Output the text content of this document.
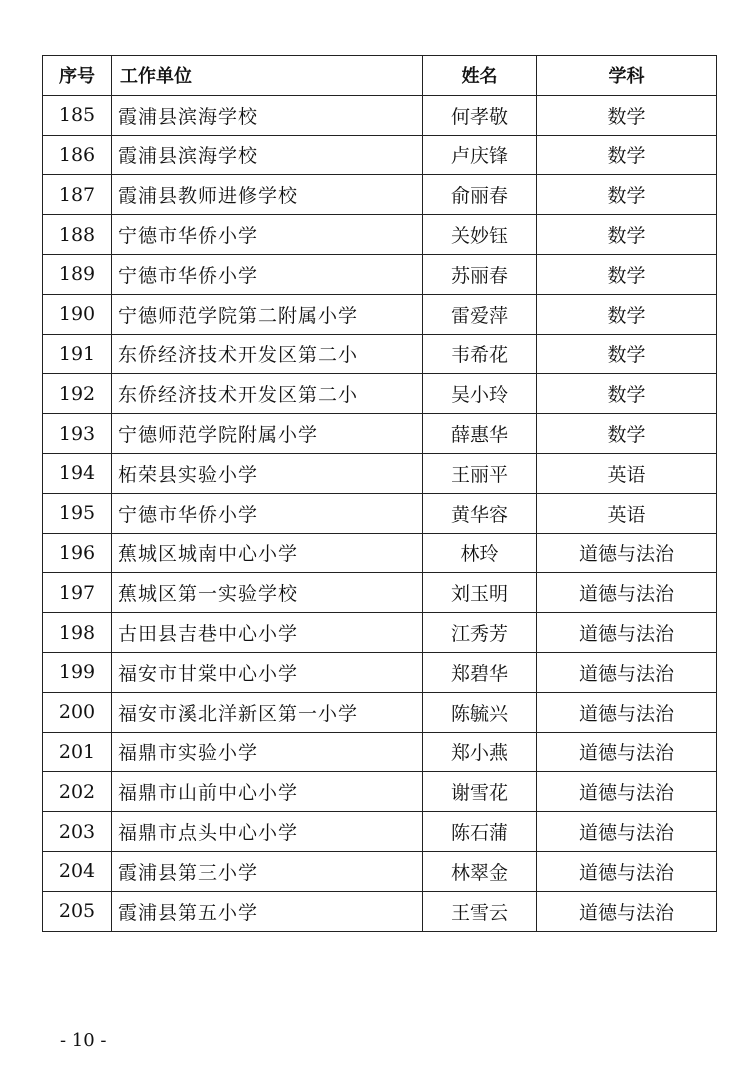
序号	工作单位	姓名	学科
185	霞浦县滨海学校	何孝敬	数学
186	霞浦县滨海学校	卢庆锋	数学
187	霞浦县教师进修学校	俞丽春	数学
188	宁德市华侨小学	关妙钰	数学
189	宁德市华侨小学	苏丽春	数学
190	宁德师范学院第二附属小学	雷爱萍	数学
191	东侨经济技术开发区第二小	韦希花	数学
192	东侨经济技术开发区第二小	吴小玲	数学
193	宁德师范学院附属小学	薛惠华	数学
194	柘荣县实验小学	王丽平	英语
195	宁德市华侨小学	黄华容	英语
196	蕉城区城南中心小学	林玲	道德与法治
197	蕉城区第一实验学校	刘玉明	道德与法治
198	古田县吉巷中心小学	江秀芳	道德与法治
199	福安市甘棠中心小学	郑碧华	道德与法治
200	福安市溪北洋新区第一小学	陈毓兴	道德与法治
201	福鼎市实验小学	郑小燕	道德与法治
202	福鼎市山前中心小学	谢雪花	道德与法治
203	福鼎市点头中心小学	陈石蒲	道德与法治
204	霞浦县第三小学	林翠金	道德与法治
205	霞浦县第五小学	王雪云	道德与法治
- 10 -
